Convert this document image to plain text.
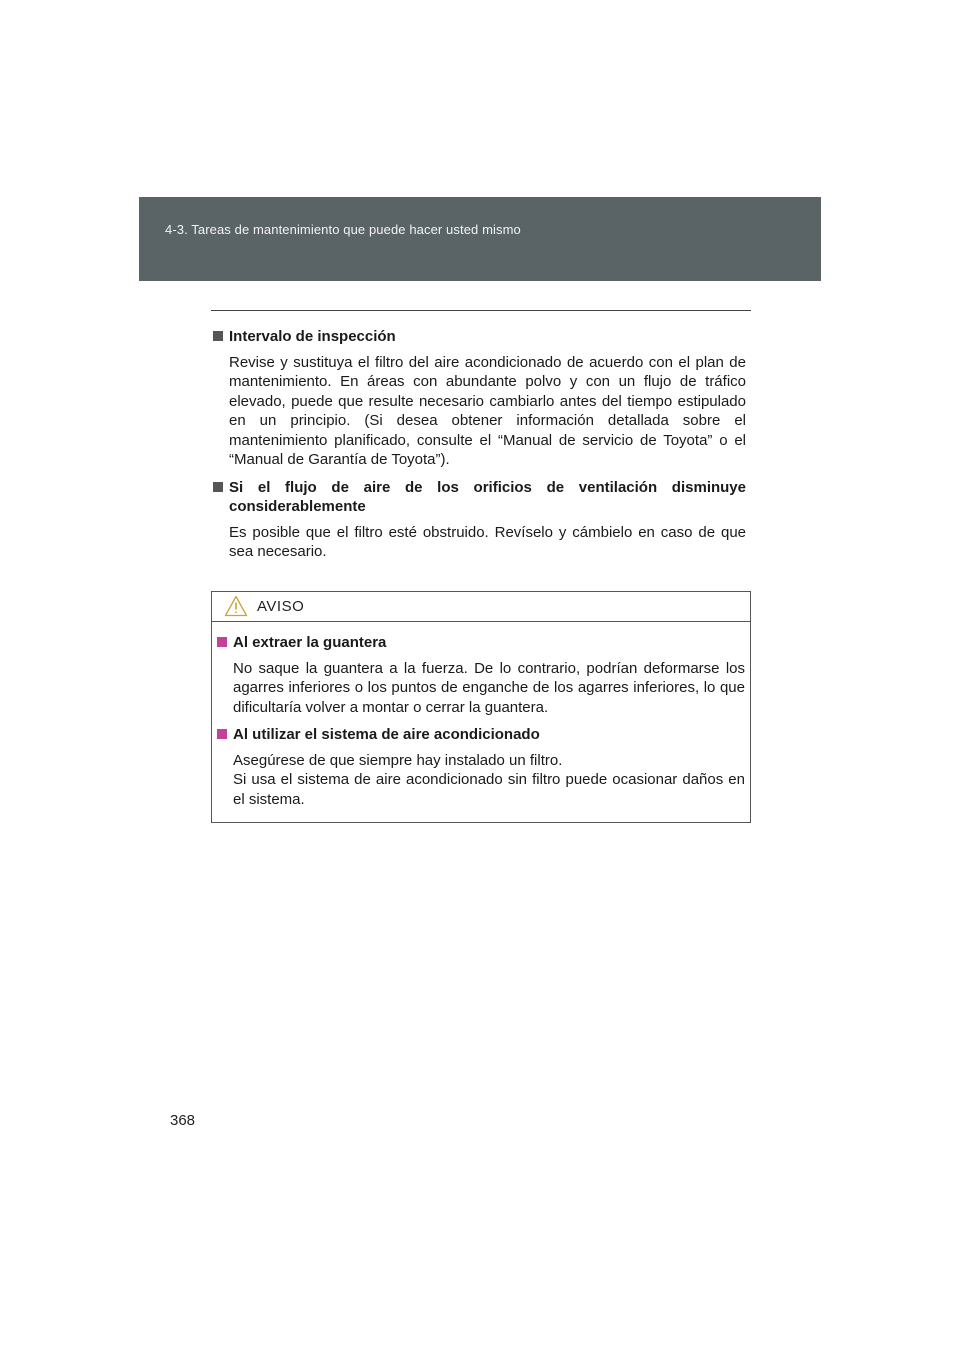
4-3. Tareas de mantenimiento que puede hacer usted mismo
Intervalo de inspección

Revise y sustituya el filtro del aire acondicionado de acuerdo con el plan de mantenimiento. En áreas con abundante polvo y con un flujo de tráfico elevado, puede que resulte necesario cambiarlo antes del tiempo estipulado en un principio. (Si desea obtener información detallada sobre el mantenimiento planificado, consulte el “Manual de servicio de Toyota” o el “Manual de Garantía de Toyota”).

Si el flujo de aire de los orificios de ventilación disminuye considerablemente

Es posible que el filtro esté obstruido. Revíselo y cámbielo en caso de que sea necesario.

AVISO
Al extraer la guantera

No saque la guantera a la fuerza. De lo contrario, podrían deformarse los agarres inferiores o los puntos de enganche de los agarres inferiores, lo que dificultaría volver a montar o cerrar la guantera.

Al utilizar el sistema de aire acondicionado

Asegúrese de que siempre hay instalado un filtro.

Si usa el sistema de aire acondicionado sin filtro puede ocasionar daños en el sistema.

368
